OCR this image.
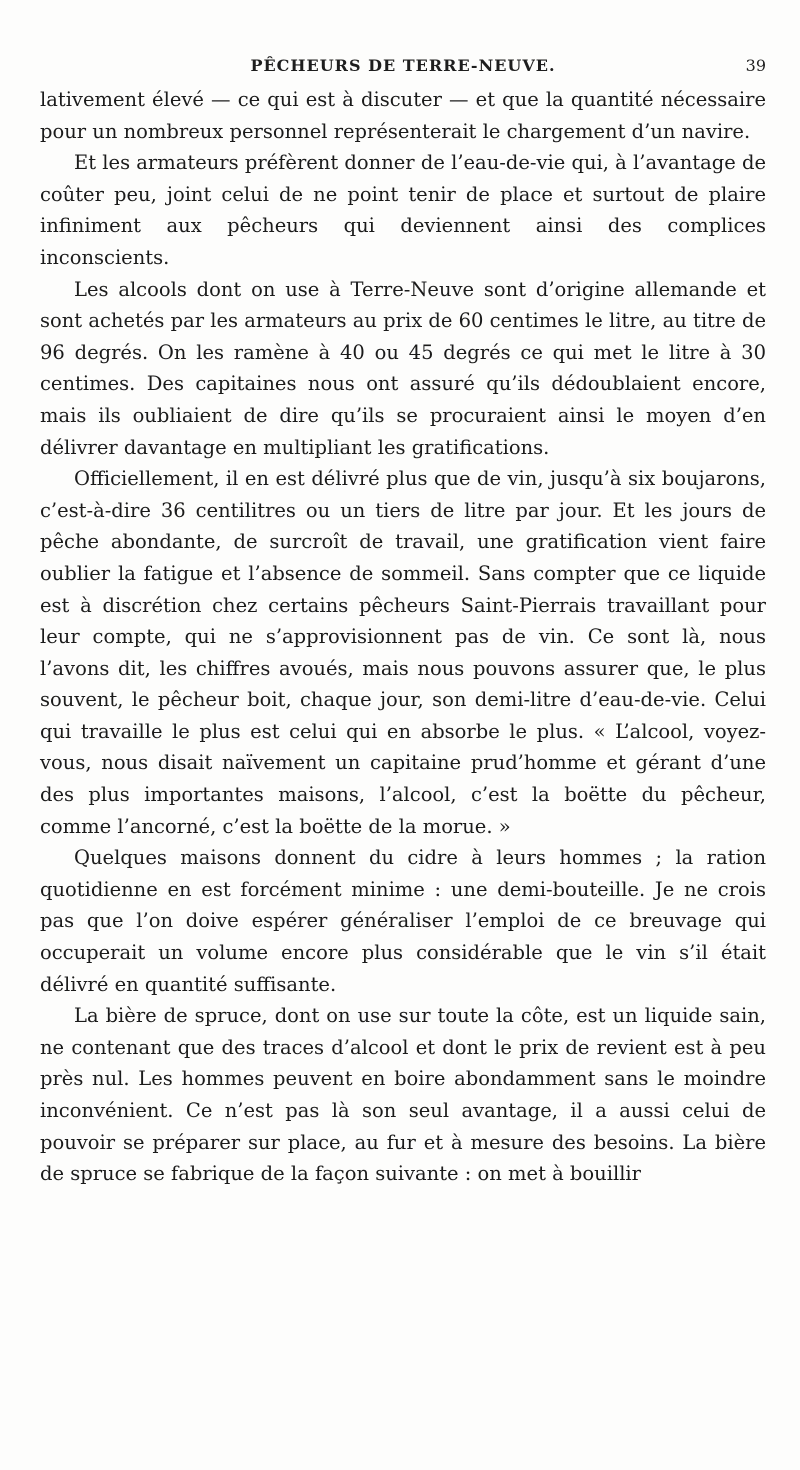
PÊCHEURS DE TERRE-NEUVE.	39

lativement élevé — ce qui est à discuter — et que la quantité nécessaire pour un nombreux personnel représenterait le chargement d’un navire.

Et les armateurs préfèrent donner de l’eau-de-vie qui, à l’avantage de coûter peu, joint celui de ne point tenir de place et surtout de plaire infiniment aux pêcheurs qui deviennent ainsi des complices inconscients.

Les alcools dont on use à Terre-Neuve sont d’origine allemande et sont achetés par les armateurs au prix de 60 centimes le litre, au titre de 96 degrés. On les ramène à 40 ou 45 degrés ce qui met le litre à 30 centimes. Des capitaines nous ont assuré qu’ils dédoublaient encore, mais ils oubliaient de dire qu’ils se procuraient ainsi le moyen d’en délivrer davantage en multipliant les gratifications.

Officiellement, il en est délivré plus que de vin, jusqu’à six boujarons, c’est-à-dire 36 centilitres ou un tiers de litre par jour. Et les jours de pêche abondante, de surcroît de travail, une gratification vient faire oublier la fatigue et l’absence de sommeil. Sans compter que ce liquide est à discrétion chez certains pêcheurs Saint-Pierrais travaillant pour leur compte, qui ne s’approvisionnent pas de vin. Ce sont là, nous l’avons dit, les chiffres avoués, mais nous pouvons assurer que, le plus souvent, le pêcheur boit, chaque jour, son demi-litre d’eau-de-vie. Celui qui travaille le plus est celui qui en absorbe le plus. « L’alcool, voyez-vous, nous disait naïvement un capitaine prud’homme et gérant d’une des plus importantes maisons, l’alcool, c’est la boëtte du pêcheur, comme l’ancorné, c’est la boëtte de la morue. »

Quelques maisons donnent du cidre à leurs hommes ; la ration quotidienne en est forcément minime : une demi-bouteille. Je ne crois pas que l’on doive espérer généraliser l’emploi de ce breuvage qui occuperait un volume encore plus considérable que le vin s’il était délivré en quantité suffisante.

La bière de spruce, dont on use sur toute la côte, est un liquide sain, ne contenant que des traces d’alcool et dont le prix de revient est à peu près nul. Les hommes peuvent en boire abondamment sans le moindre inconvénient. Ce n’est pas là son seul avantage, il a aussi celui de pouvoir se préparer sur place, au fur et à mesure des besoins. La bière de spruce se fabrique de la façon suivante : on met à bouillir
